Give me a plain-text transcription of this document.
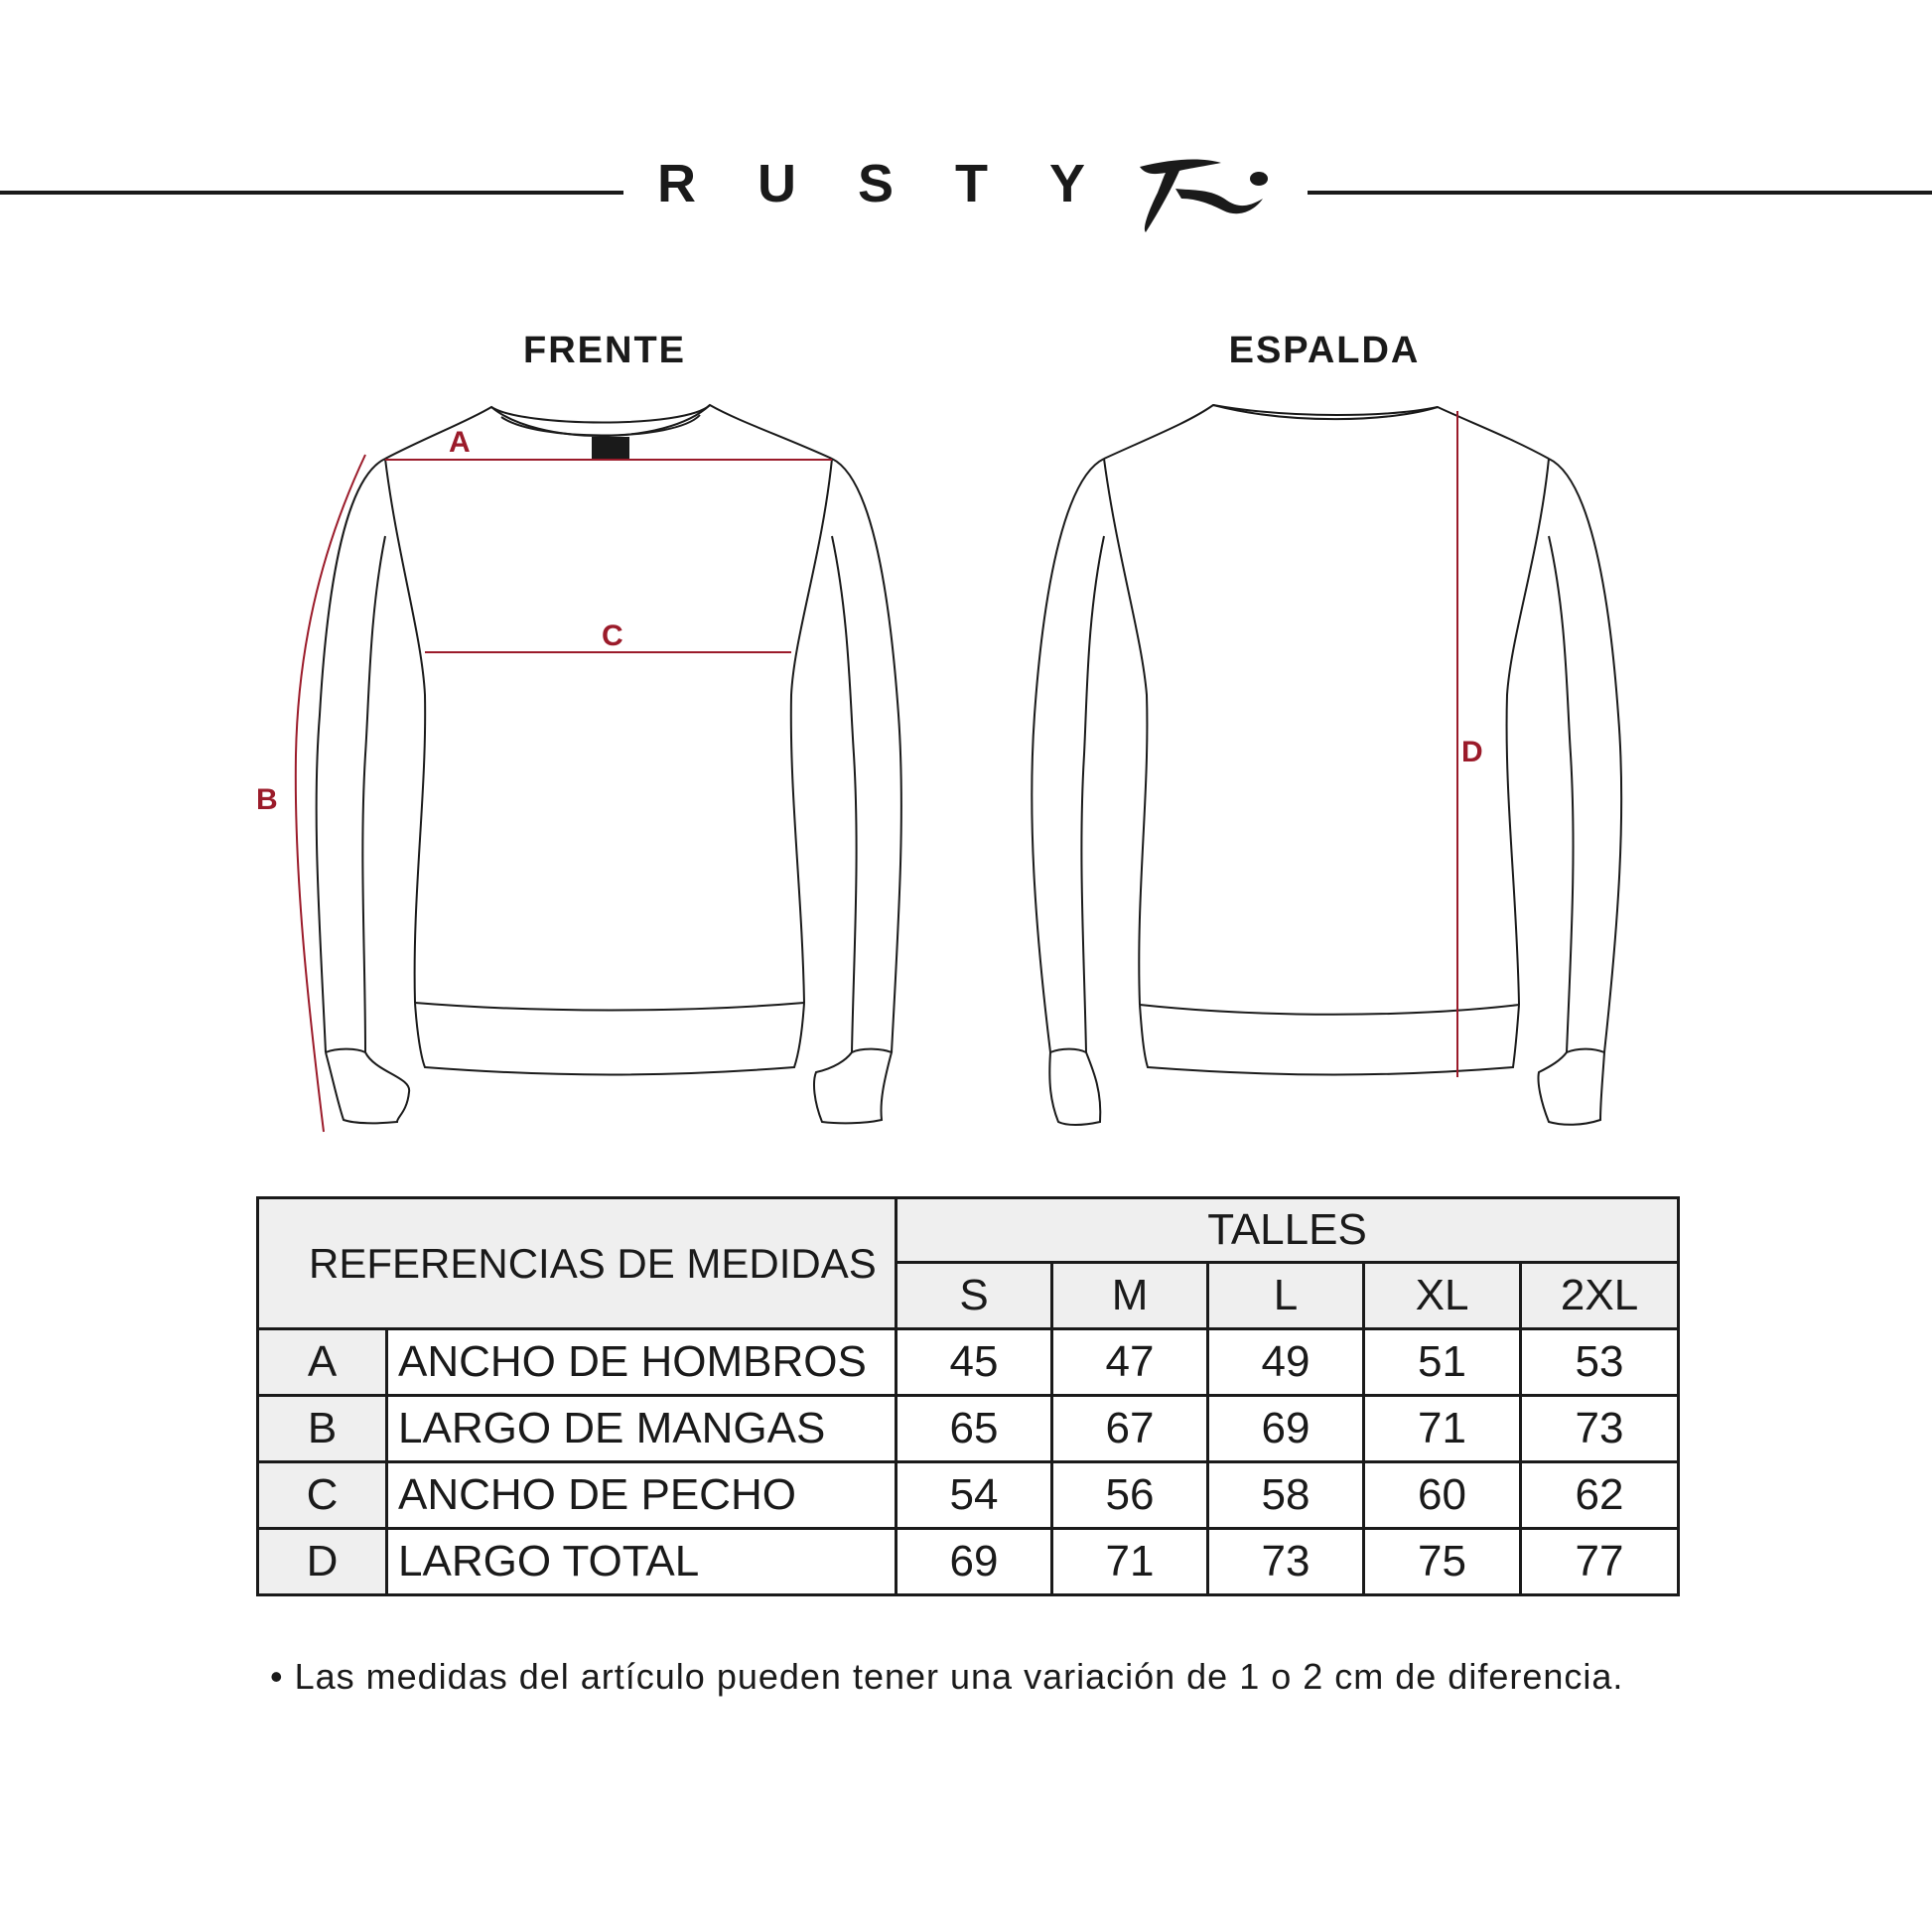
RUSTY
FRENTE	ESPALDA
A
C
B
D
REFERENCIAS DE MEDIDAS		TALLES				
		S	M	L	XL	2XL
A	ANCHO DE HOMBROS	45	47	49	51	53
B	LARGO DE MANGAS	65	67	69	71	73
C	ANCHO DE PECHO	54	56	58	60	62
D	LARGO TOTAL	69	71	73	75	77
• Las medidas del artículo pueden tener una variación de 1 o 2 cm de diferencia.
